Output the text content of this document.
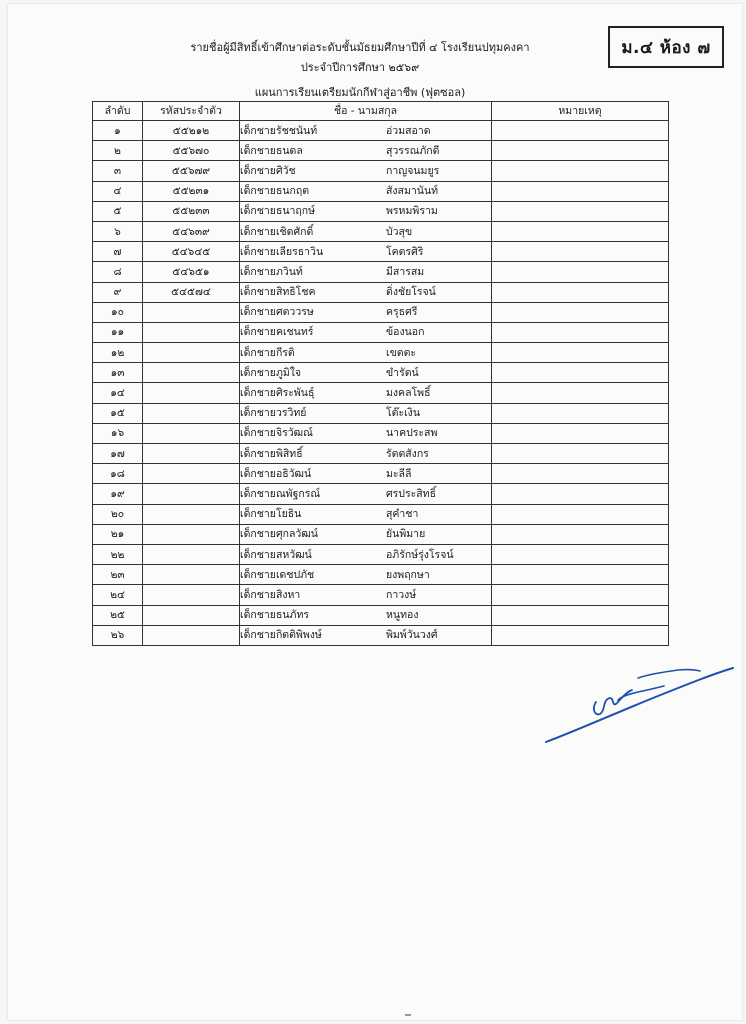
ม.๔ ห้อง ๗
รายชื่อผู้มีสิทธิ์เข้าศึกษาต่อระดับชั้นมัธยมศึกษาปีที่ ๔ โรงเรียนปทุมคงคา
ประจำปีการศึกษา ๒๕๖๙
แผนการเรียนเตรียมนักกีฬาสู่อาชีพ (ฟุตซอล)
ลำดับ	รหัสประจำตัว	ชื่อ - นามสกุล	หมายเหตุ
๑	๕๕๒๑๒	เด็กชายรัชชนันท์ อ่วมสอาด	
๒	๕๕๖๗๐	เด็กชายธนดล สุวรรณภักดี	
๓	๕๕๖๗๙	เด็กชายศิวัช กาญจนมยูร	
๔	๕๕๒๓๑	เด็กชายธนกฤต สังสมานันท์	
๕	๕๕๒๓๓	เด็กชายธนาฤกษ์ พรหมพิราม	
๖	๕๔๖๓๙	เด็กชายเชิดศักดิ์ บัวสุข	
๗	๕๔๖๔๕	เด็กชายเลียรธาวิน โคตรศิริ	
๘	๕๔๖๕๑	เด็กชายภวินท์ มีสารสม	
๙	๕๔๕๗๔	เด็กชายสิทธิโชค ติ่งชัยโรจน์	
๑๐		เด็กชายศตววรษ ครุธศรี	
๑๑		เด็กชายคเชนทร์ ข้องนอก	
๑๒		เด็กชายกีรติ เขตตะ	
๑๓		เด็กชายภูมิใจ ขำรัตน์	
๑๔		เด็กชายศิระพันธุ์ มงคลโพธิ์	
๑๕		เด็กชายวรวิทย์ โต๊ะเงิน	
๑๖		เด็กชายจิรวัฒณ์ นาคประสพ	
๑๗		เด็กชายพิสิทธิ์ รัตตสังกร	
๑๘		เด็กชายอธิวัฒน์ มะลีลี	
๑๙		เด็กชายณพัฐกรณ์ ศรประสิทธิ์	
๒๐		เด็กชายโยธิน สุคำชา	
๒๑		เด็กชายศุกลวัฒน์ ยันพิมาย	
๒๒		เด็กชายสหวัฒน์ อภิรักษ์รุ่งโรจน์	
๒๓		เด็กชายเดชปภัช ยงพฤกษา	
๒๔		เด็กชายสิงหา กาวงษ์	
๒๕		เด็กชายธนภัทร หนูทอง	
๒๖		เด็กชายกิตติพิพงษ์ พิมพ์วันวงศ์	
